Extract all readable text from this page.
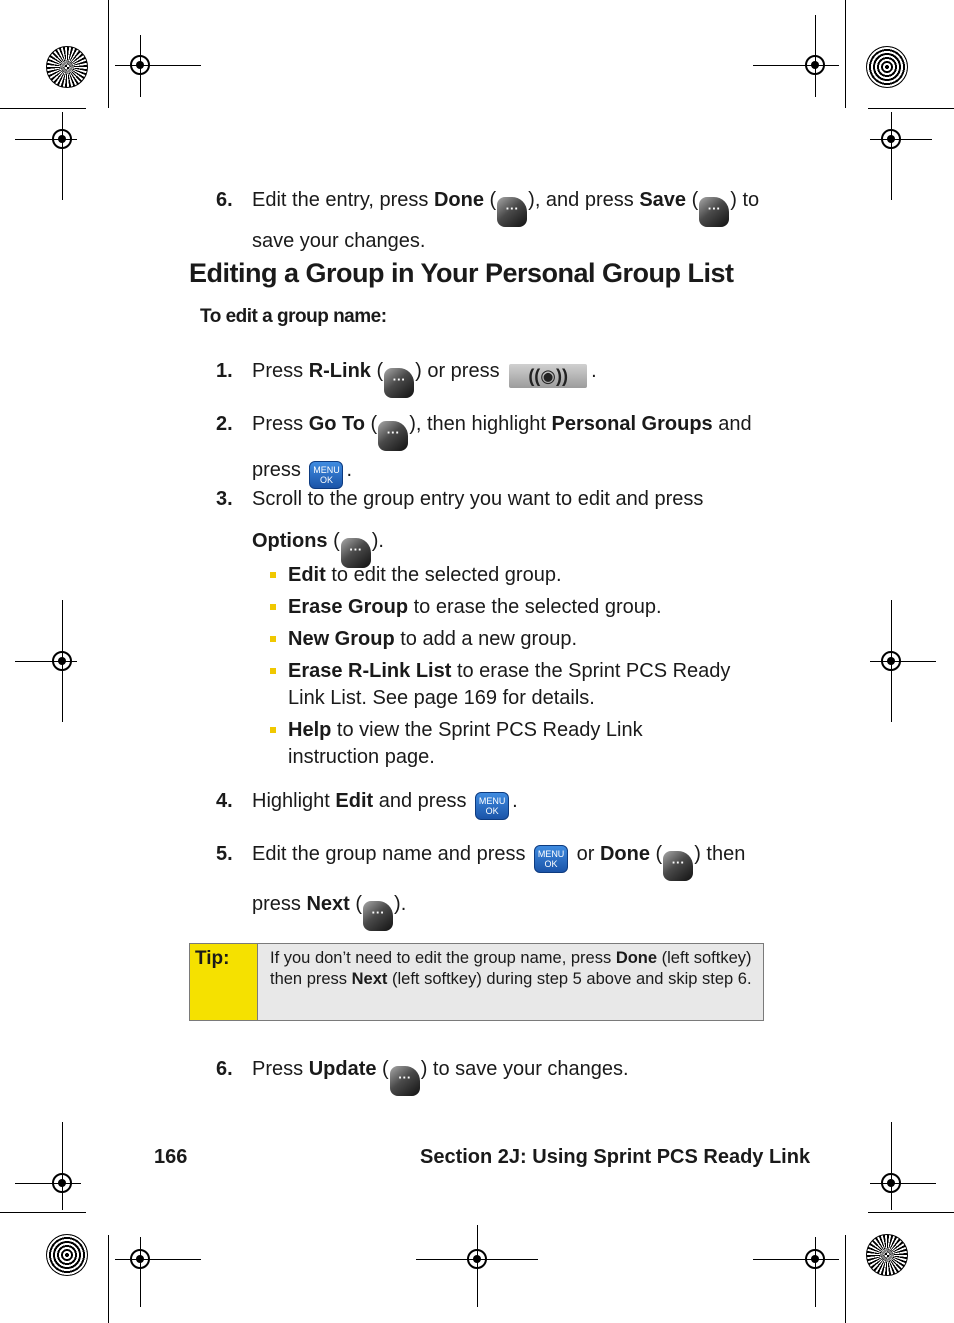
6. Edit the entry, press Done ( ··· ), and press Save ( ··· ) to save your changes.
Editing a Group in Your Personal Group List
To edit a group name:
1. Press R-Link ( ··· ) or press ((◉)) .
2. Press Go To ( ··· ), then highlight Personal Groups and press MENU
OK .
3. Scroll to the group entry you want to edit and press Options ( ··· ).
Edit to edit the selected group.
Erase Group to erase the selected group.
New Group to add a new group.
Erase R-Link List to erase the Sprint PCS Ready Link List. See page 169 for details.
Help to view the Sprint PCS Ready Link instruction page.
4. Highlight Edit and press MENU
OK .
5. Edit the group name and press MENU
OK or Done ( ··· ) then press Next ( ··· ).
Tip:	If you don’t need to edit the group name, press Done (left softkey) then press Next (left softkey) during step 5 above and skip step 6.
6. Press Update ( ··· ) to save your changes.
166	Section 2J: Using Sprint PCS Ready Link
